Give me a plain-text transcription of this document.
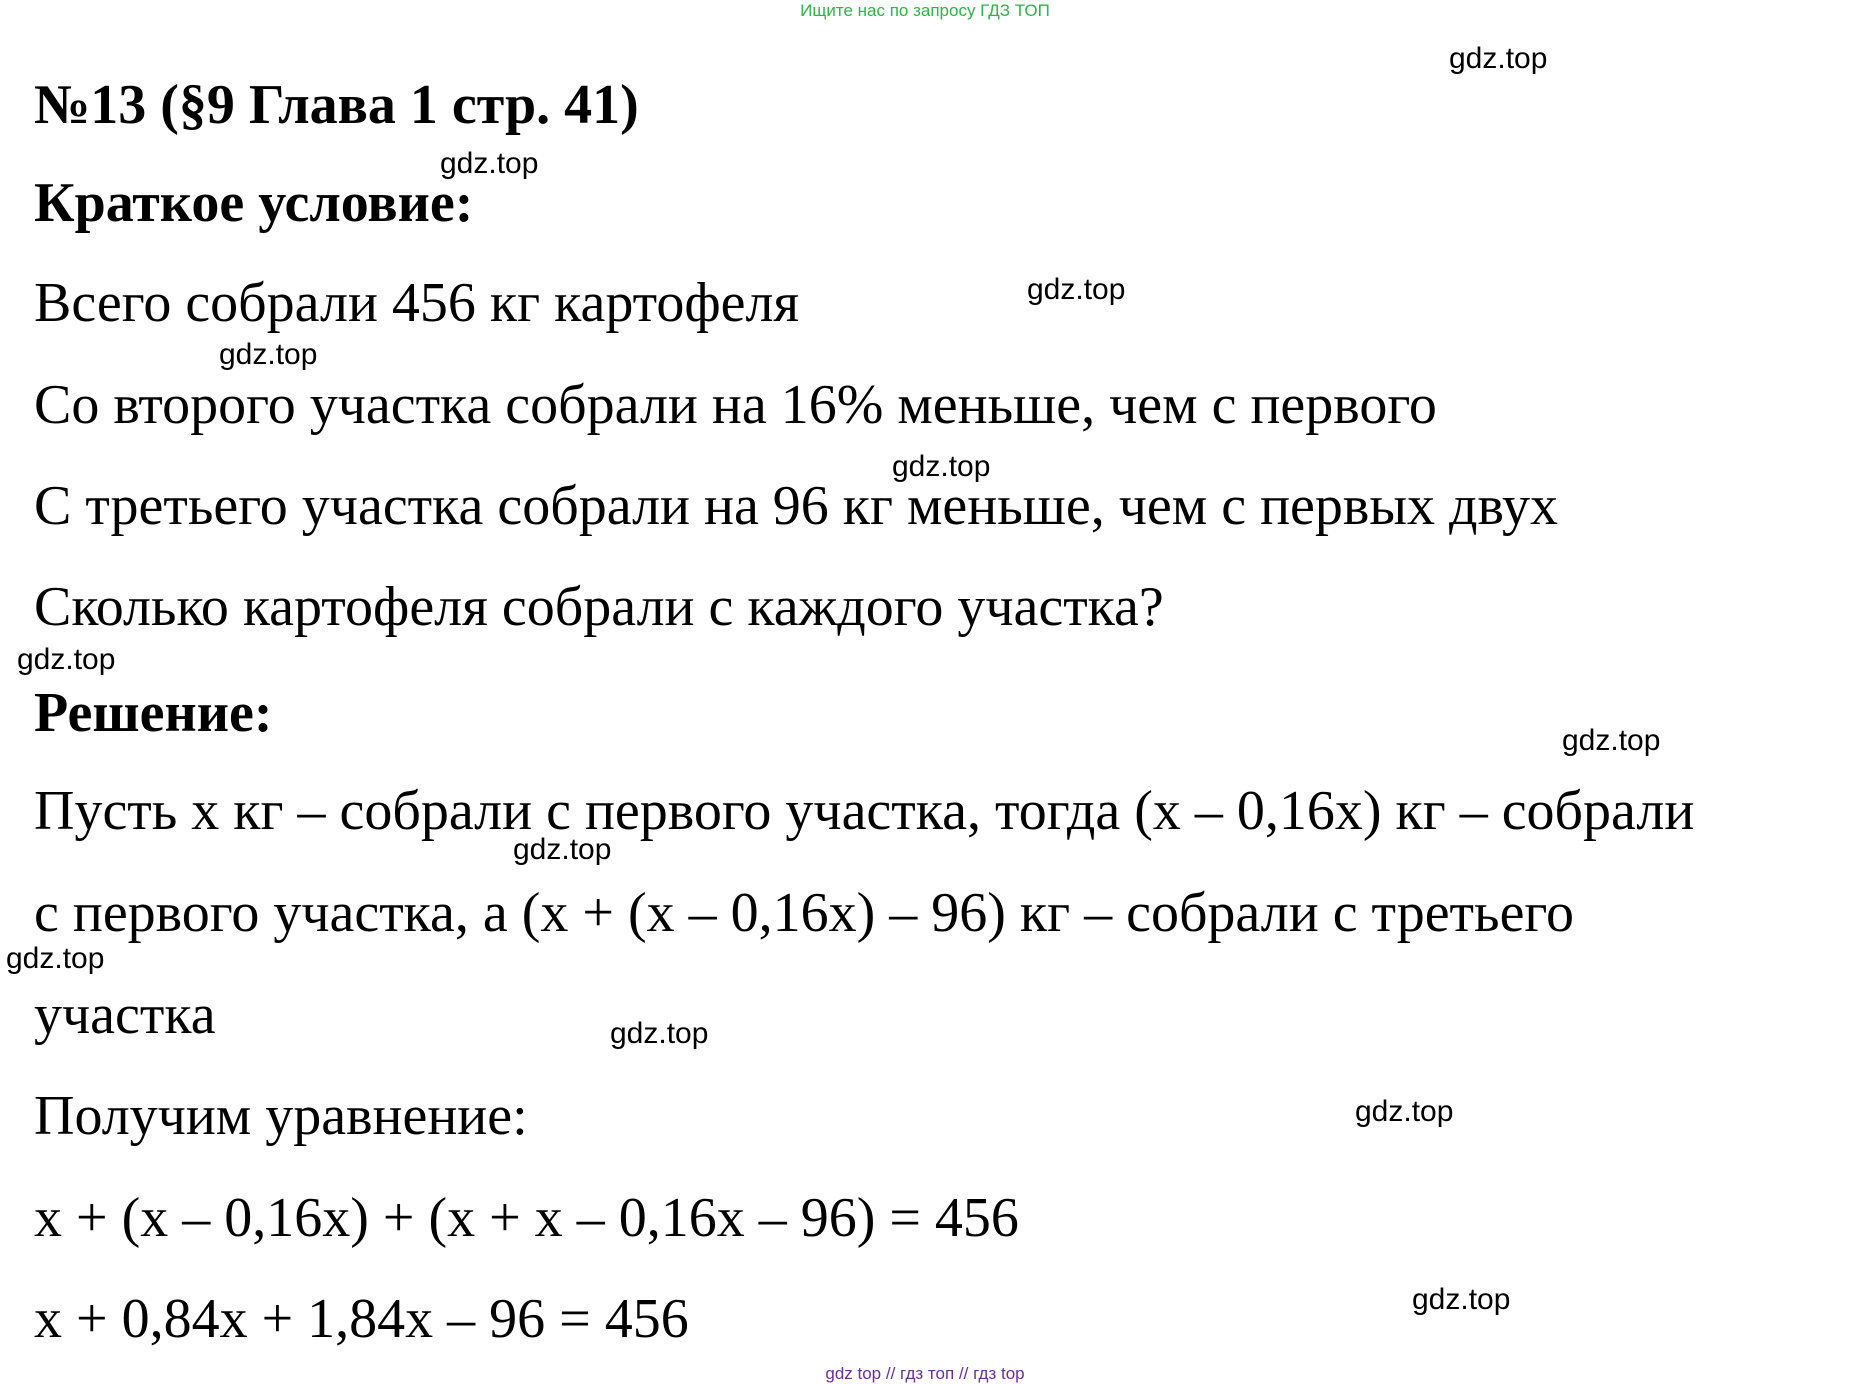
Ищите нас по запросу ГДЗ ТОП
№13 (§9 Глава 1 стр. 41)
Краткое условие:
Всего собрали 456 кг картофеля
Со второго участка собрали на 16% меньше, чем с первого
С третьего участка собрали на 96 кг меньше, чем с первых двух
Сколько картофеля собрали с каждого участка?
Решение:
Пусть x кг – собрали с первого участка, тогда (x – 0,16x) кг – собрали
с первого участка, а (x + (x – 0,16x) – 96) кг – собрали с третьего
участка
Получим уравнение:
x + (x – 0,16x) + (x + x – 0,16x – 96) = 456
x + 0,84x + 1,84x – 96 = 456
gdz.top
gdz.top
gdz.top
gdz.top
gdz.top
gdz.top
gdz.top
gdz.top
gdz.top
gdz.top
gdz.top
gdz.top
gdz top // гдз топ // гдз top
